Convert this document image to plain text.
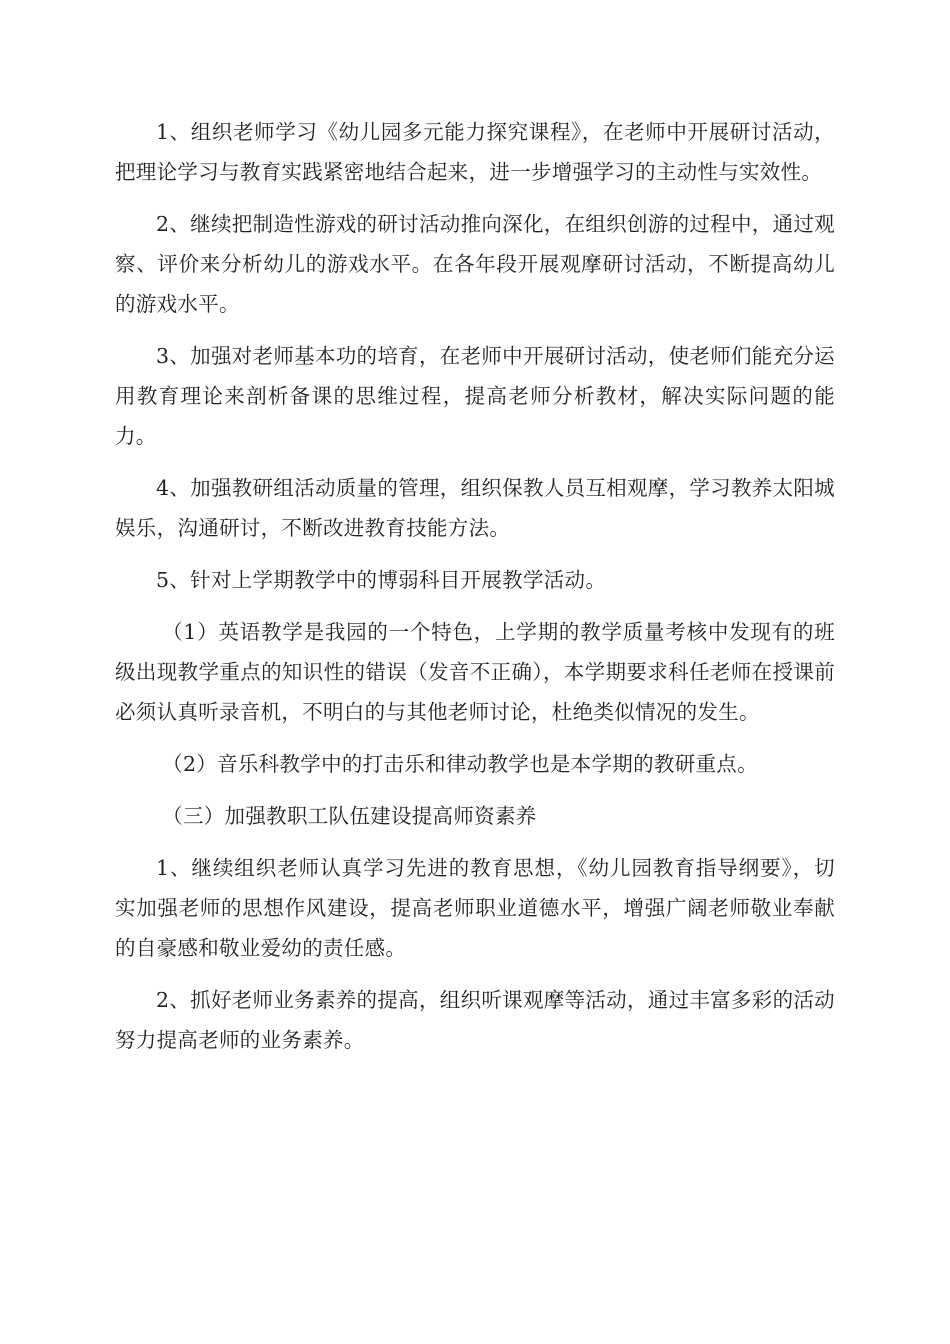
1、组织老师学习《幼儿园多元能力探究课程》，在老师中开展研讨活动，把理论学习与教育实践紧密地结合起来，进一步增强学习的主动性与实效性。

2、继续把制造性游戏的研讨活动推向深化，在组织创游的过程中，通过观察、评价来分析幼儿的游戏水平。在各年段开展观摩研讨活动，不断提高幼儿的游戏水平。

3、加强对老师基本功的培育，在老师中开展研讨活动，使老师们能充分运用教育理论来剖析备课的思维过程，提高老师分析教材，解决实际问题的能力。

4、加强教研组活动质量的管理，组织保教人员互相观摩，学习教养太阳城娱乐，沟通研讨，不断改进教育技能方法。

5、针对上学期教学中的博弱科目开展教学活动。

（1）英语教学是我园的一个特色，上学期的教学质量考核中发现有的班级出现教学重点的知识性的错误（发音不正确），本学期要求科任老师在授课前必须认真听录音机，不明白的与其他老师讨论，杜绝类似情况的发生。

（2）音乐科教学中的打击乐和律动教学也是本学期的教研重点。

（三）加强教职工队伍建设提高师资素养

1、继续组织老师认真学习先进的教育思想，《幼儿园教育指导纲要》，切实加强老师的思想作风建设，提高老师职业道德水平，增强广阔老师敬业奉献的自豪感和敬业爱幼的责任感。

2、抓好老师业务素养的提高，组织听课观摩等活动，通过丰富多彩的活动努力提高老师的业务素养。
